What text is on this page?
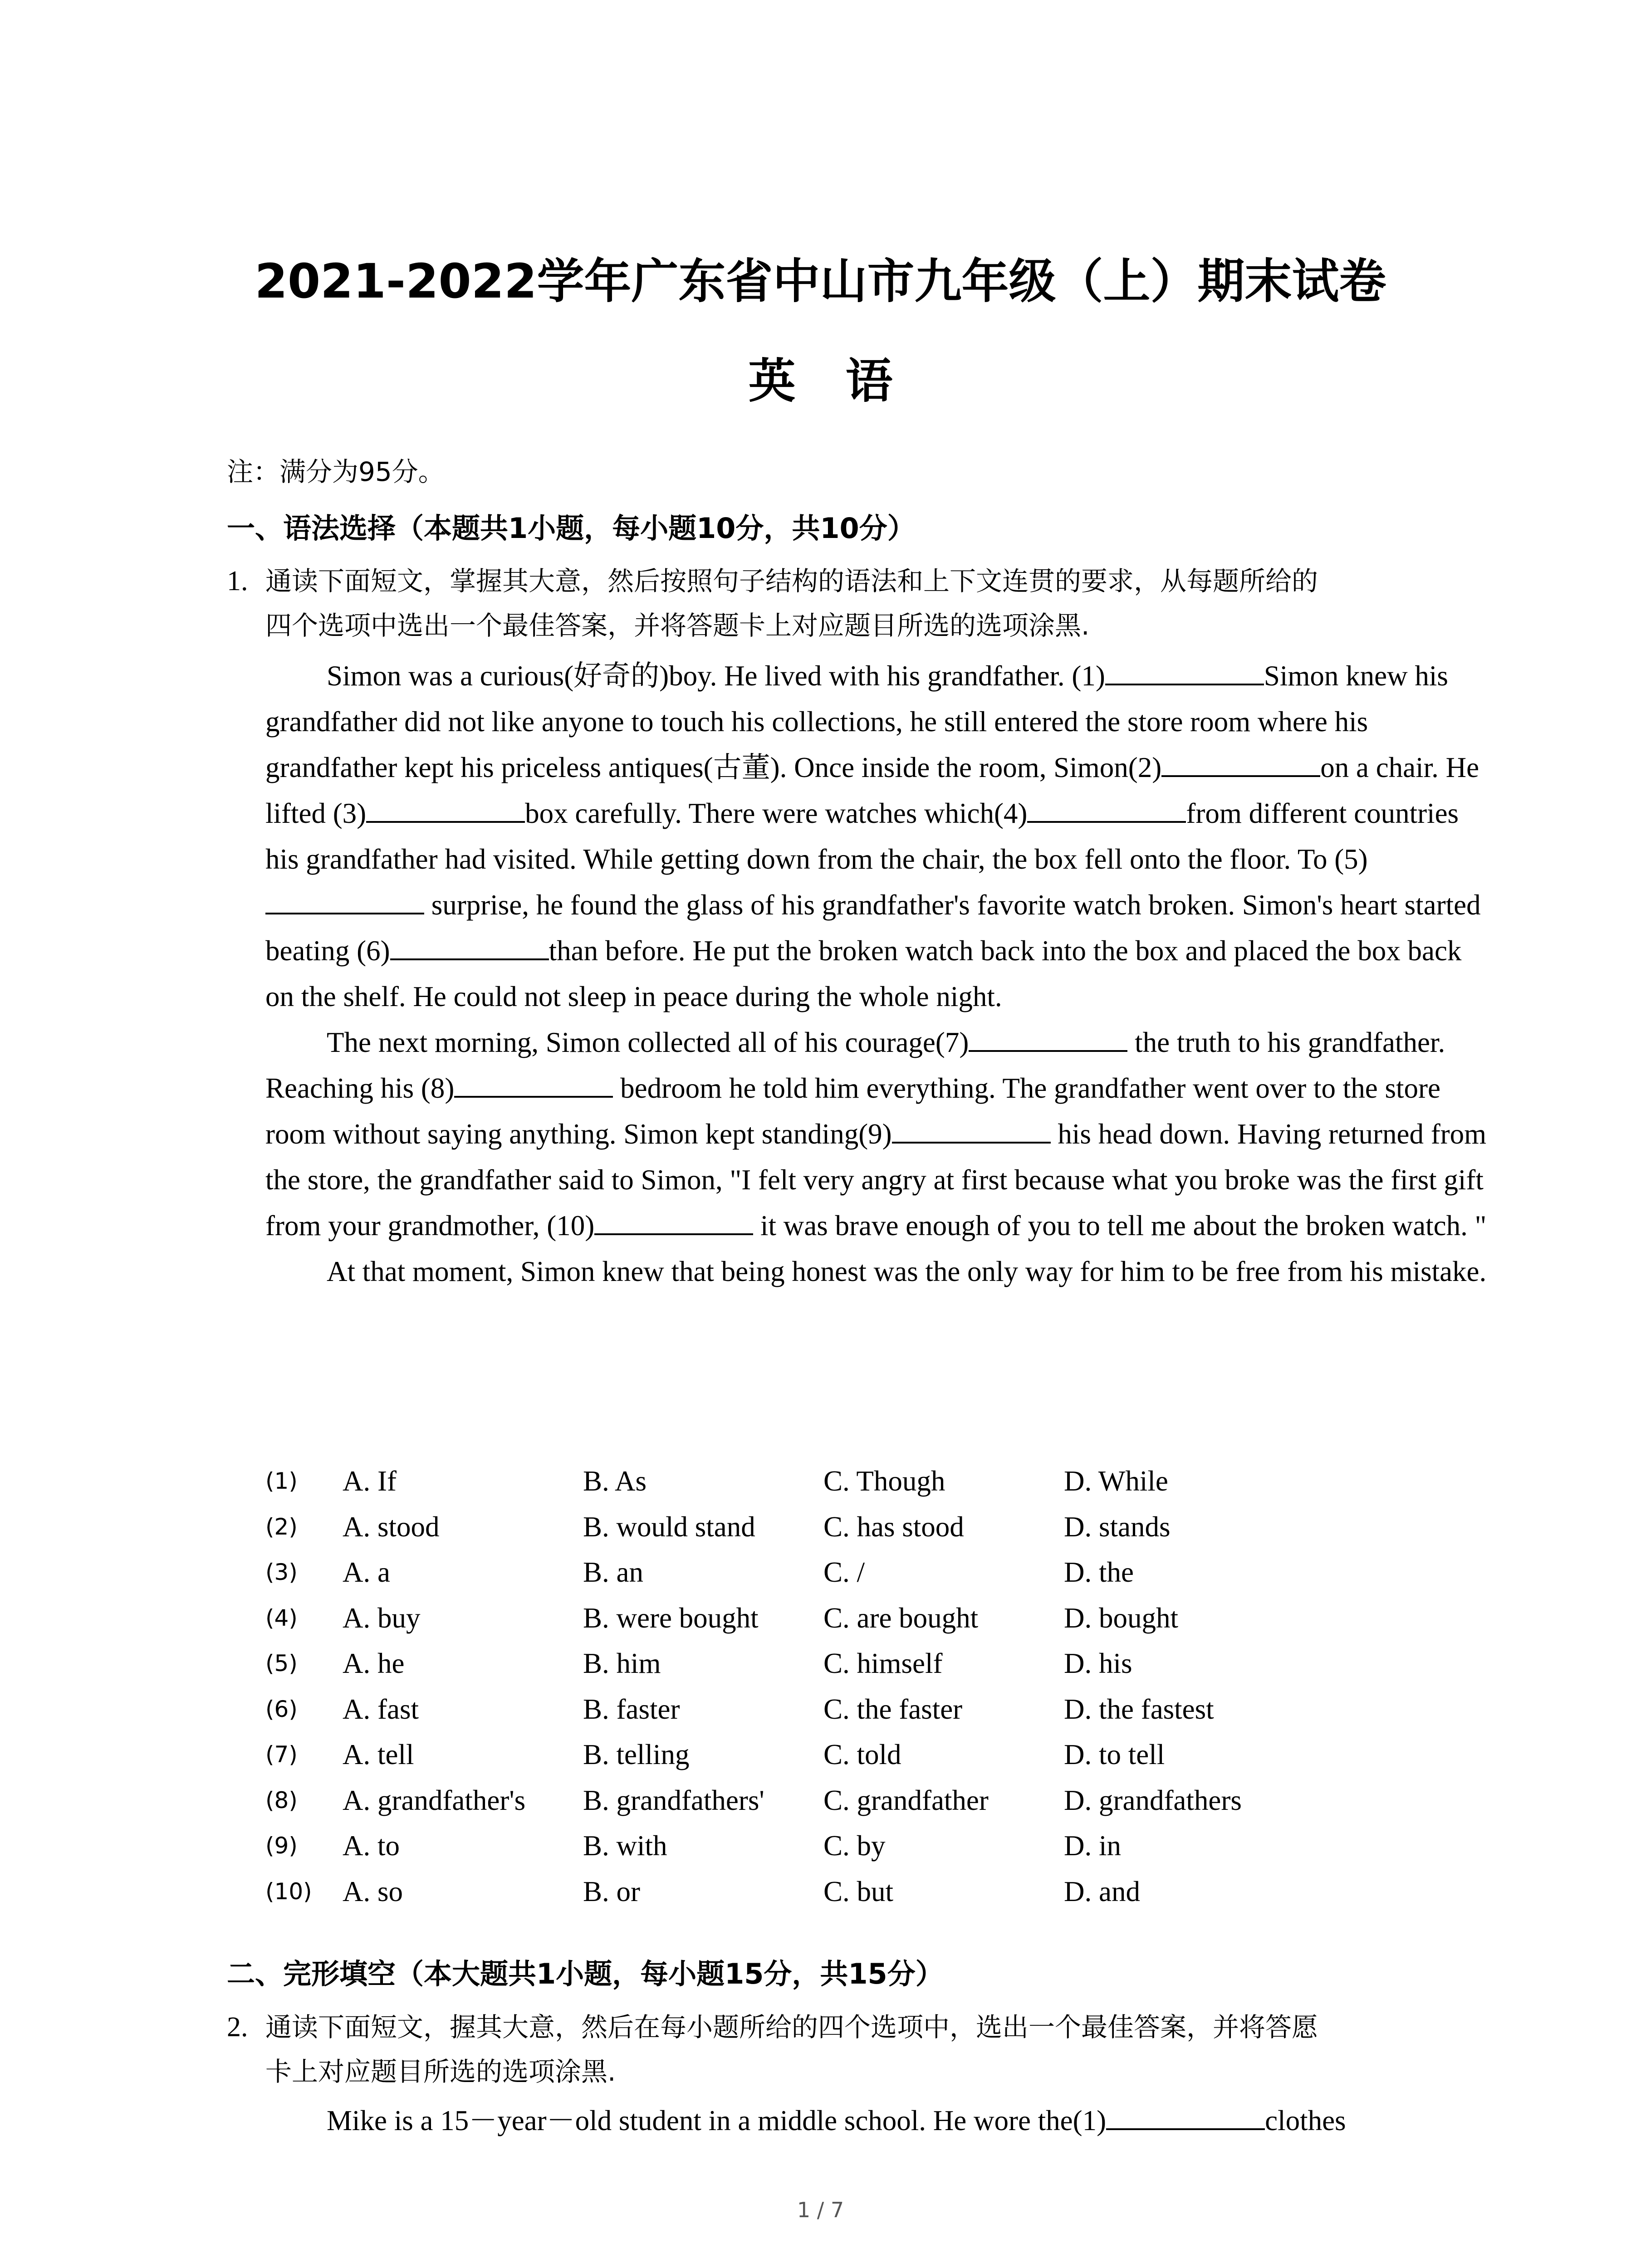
2021-2022学年广东省中山市九年级（上）期末试卷
英语
注：满分为95分。
一、语法选择（本题共1小题，每小题10分，共10分）
1. 通读下面短文，掌握其大意，然后按照句子结构的语法和上下文连贯的要求，从每题所给的
四个选项中选出一个最佳答案，并将答题卡上对应题目所选的选项涂黑.

Simon was a curious(好奇的)boy. He lived with his grandfather. (1)	Simon knew his grandfather did not like anyone to touch his collections, he still entered the store room where his grandfather kept his priceless antiques(古董). Once inside the room, Simon(2)	on a chair. He lifted (3)	box carefully. There were watches which(4)	from different countries his grandfather had visited. While getting down from the chair, the box fell onto the floor. To (5) surprise, he found the glass of his grandfather's favorite watch broken. Simon's heart started beating (6)	than before. He put the broken watch back into the box and placed the box back on the shelf. He could not sleep in peace during the whole night.

The next morning, Simon collected all of his courage(7)	the truth to his grandfather. Reaching his (8)	bedroom he told him everything. The grandfather went over to the store room without saying anything. Simon kept standing(9)	his head down. Having returned from the store, the grandfather said to Simon, "I felt very angry at first because what you broke was the first gift from your grandmother, (10)	it was brave enough of you to tell me about the broken watch. "

At that moment, Simon knew that being honest was the only way for him to be free from his mistake.

(1) A. If	B. As	C. Though	D. While
(2) A. stood	B. would stand C. has stood	D. stands
(3) A. a	B. an	C. /	D. the
(4) A. buy	B. were bought C. are bought	D. bought
(5) A. he	B. him	C. himself	D. his
(6) A. fast	B. faster	C. the faster	D. the fastest
(7) A. tell	B. telling	C. told	D. to tell
(8) A. grandfather's B. grandfathers' C. grandfather	D. grandfathers
(9) A. to	B. with	C. by	D. in
(10) A. so	B. or	C. but	D. and
二、完形填空（本大题共1小题，每小题15分，共15分）
2. 通读下面短文，握其大意，然后在每小题所给的四个选项中，选出一个最佳答案，并将答愿
卡上对应题目所选的选项涂黑.

Mike is a 15－year－old student in a middle school. He wore the(1)	clothes

1 / 7
